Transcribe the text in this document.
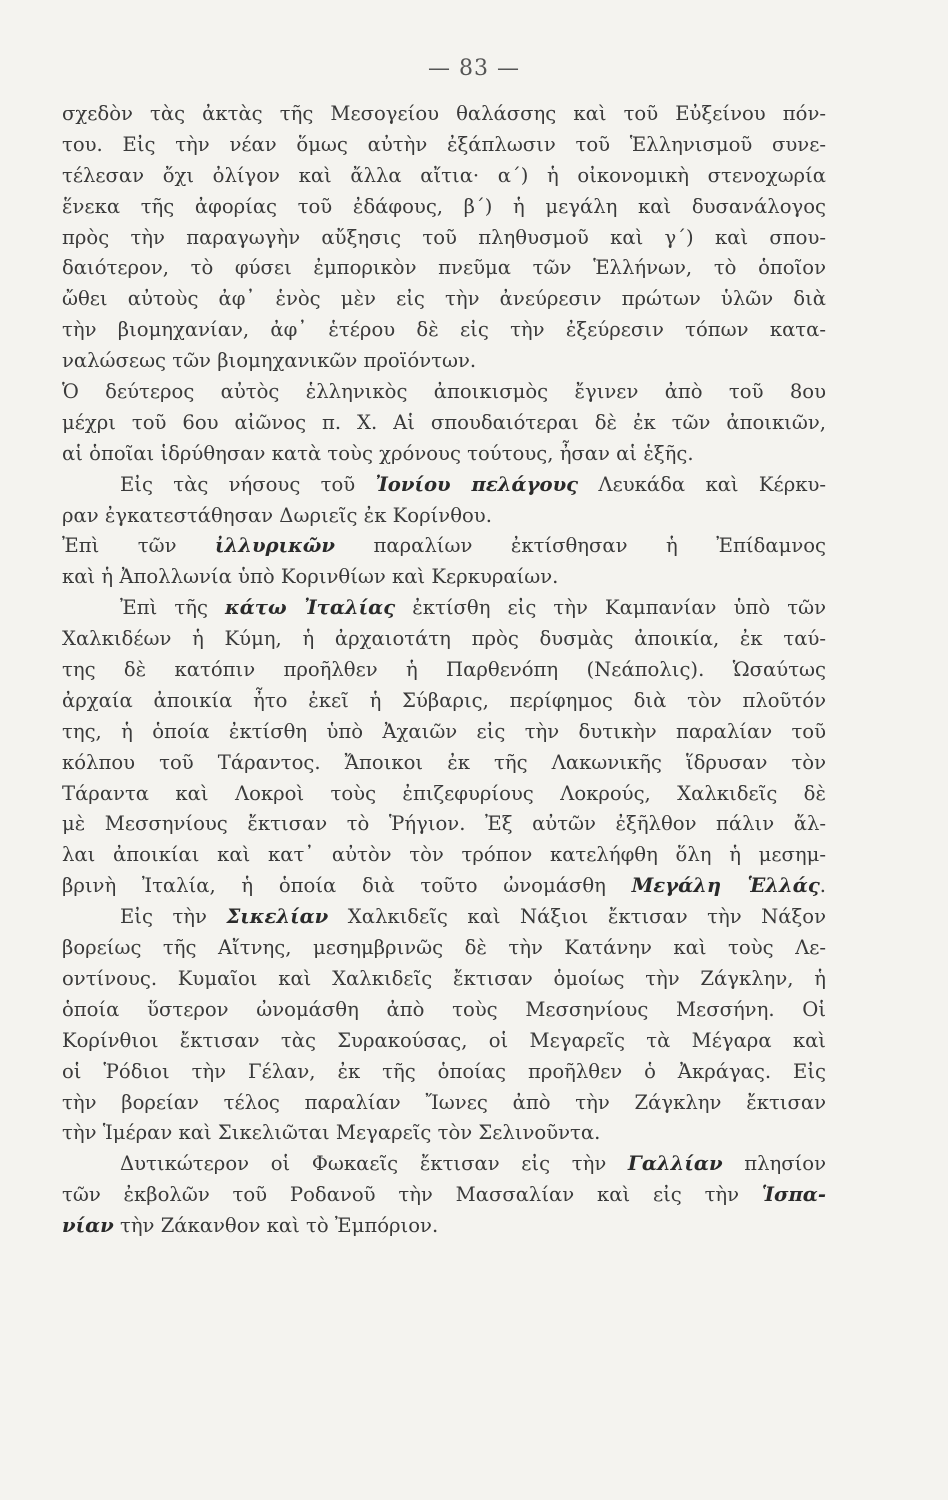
— 83 —
σχεδὸν τὰς ἀκτὰς τῆς Μεσογείου θαλάσσης καὶ τοῦ Εὐξείνου πόν-
του. Εἰς τὴν νέαν ὅμως αὐτὴν ἐξάπλωσιν τοῦ Ἑλληνισμοῦ συνε-
τέλεσαν ὄχι ὀλίγον καὶ ἄλλα αἴτια· α΄) ἡ οἰκονομικὴ στενοχωρία
ἕνεκα τῆς ἀφορίας τοῦ ἐδάφους, β΄) ἡ μεγάλη καὶ δυσανάλογος
πρὸς τὴν παραγωγὴν αὔξησις τοῦ πληθυσμοῦ καὶ γ΄) καὶ σπου-
δαιότερον, τὸ φύσει ἐμπορικὸν πνεῦμα τῶν Ἑλλήνων, τὸ ὁποῖον
ὤθει αὐτοὺς ἀφ᾿ ἑνὸς μὲν εἰς τὴν ἀνεύρεσιν πρώτων ὑλῶν διὰ
τὴν βιομηχανίαν, ἀφ᾿ ἑτέρου δὲ εἰς τὴν ἐξεύρεσιν τόπων κατα-
ναλώσεως τῶν βιομηχανικῶν προϊόντων.
Ὁ δεύτερος αὐτὸς ἑλληνικὸς ἀποικισμὸς ἔγινεν ἀπὸ τοῦ 8ου
μέχρι τοῦ 6ου αἰῶνος π. Χ. Αἱ σπουδαιότεραι δὲ ἐκ τῶν ἀποικιῶν,
αἱ ὁποῖαι ἱδρύθησαν κατὰ τοὺς χρόνους τούτους, ἦσαν αἱ ἑξῆς.
Εἰς τὰς νήσους τοῦ Ἰονίου πελάγους Λευκάδα καὶ Κέρκυ-
ραν ἐγκατεστάθησαν Δωριεῖς ἐκ Κορίνθου.
Ἐπὶ τῶν ἰλλυρικῶν παραλίων ἐκτίσθησαν ἡ Ἐπίδαμνος
καὶ ἡ Ἀπολλωνία ὑπὸ Κορινθίων καὶ Κερκυραίων.
Ἐπὶ τῆς κάτω Ἰταλίας ἐκτίσθη εἰς τὴν Καμπανίαν ὑπὸ τῶν
Χαλκιδέων ἡ Κύμη, ἡ ἀρχαιοτάτη πρὸς δυσμὰς ἀποικία, ἐκ ταύ-
της δὲ κατόπιν προῆλθεν ἡ Παρθενόπη (Νεάπολις). Ὡσαύτως
ἀρχαία ἀποικία ἦτο ἐκεῖ ἡ Σύβαρις, περίφημος διὰ τὸν πλοῦτόν
της, ἡ ὁποία ἐκτίσθη ὑπὸ Ἀχαιῶν εἰς τὴν δυτικὴν παραλίαν τοῦ
κόλπου τοῦ Τάραντος. Ἄποικοι ἐκ τῆς Λακωνικῆς ἵδρυσαν τὸν
Τάραντα καὶ Λοκροὶ τοὺς ἐπιζεφυρίους Λοκρούς, Χαλκιδεῖς δὲ
μὲ Μεσσηνίους ἔκτισαν τὸ Ῥήγιον. Ἐξ αὐτῶν ἐξῆλθον πάλιν ἄλ-
λαι ἀποικίαι καὶ κατ᾿ αὐτὸν τὸν τρόπον κατελήφθη ὅλη ἡ μεσημ-
βρινὴ Ἰταλία, ἡ ὁποία διὰ τοῦτο ὠνομάσθη Μεγάλη Ἑλλάς.
Εἰς τὴν Σικελίαν Χαλκιδεῖς καὶ Νάξιοι ἔκτισαν τὴν Νάξον
βορείως τῆς Αἴτνης, μεσημβρινῶς δὲ τὴν Κατάνην καὶ τοὺς Λε-
οντίνους. Κυμαῖοι καὶ Χαλκιδεῖς ἔκτισαν ὁμοίως τὴν Ζάγκλην, ἡ
ὁποία ὕστερον ὠνομάσθη ἀπὸ τοὺς Μεσσηνίους Μεσσήνη. Οἱ
Κορίνθιοι ἔκτισαν τὰς Συρακούσας, οἱ Μεγαρεῖς τὰ Μέγαρα καὶ
οἱ Ῥόδιοι τὴν Γέλαν, ἐκ τῆς ὁποίας προῆλθεν ὁ Ἀκράγας. Εἰς
τὴν βορείαν τέλος παραλίαν Ἴωνες ἀπὸ τὴν Ζάγκλην ἔκτισαν
τὴν Ἱμέραν καὶ Σικελιῶται Μεγαρεῖς τὸν Σελινοῦντα.
Δυτικώτερον οἱ Φωκαεῖς ἔκτισαν εἰς τὴν Γαλλίαν πλησίον
τῶν ἐκβολῶν τοῦ Ροδανοῦ τὴν Μασσαλίαν καὶ εἰς τὴν Ἱσπα-
νίαν τὴν Ζάκανθον καὶ τὸ Ἐμπόριον.
